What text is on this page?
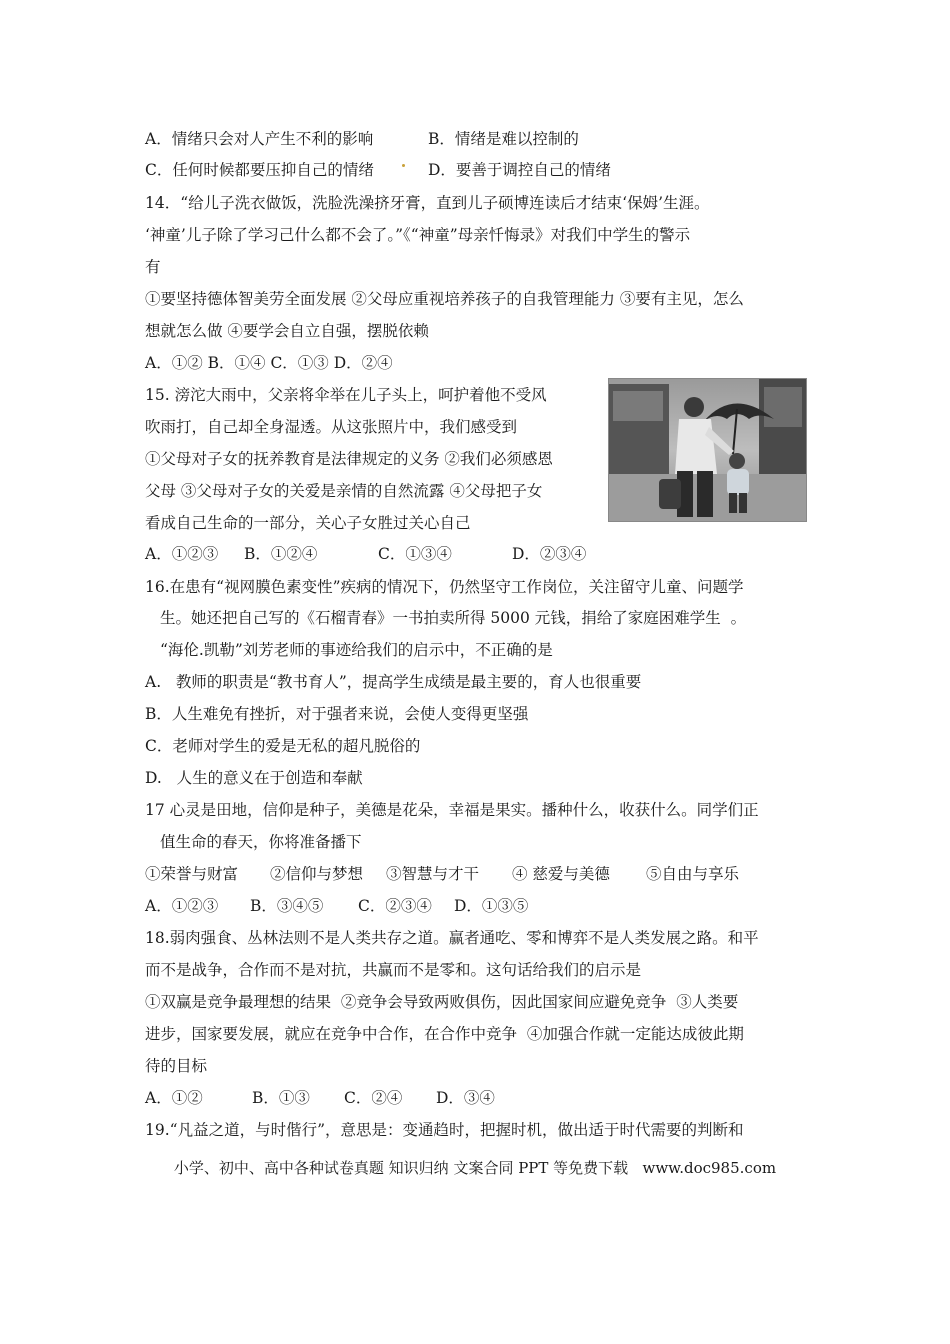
A．情绪只会对人产生不利的影响	B．情绪是难以控制的
C．任何时候都要压抑自己的情绪	D．要善于调控自己的情绪
14．“给儿子洗衣做饭，洗脸洗澡挤牙膏，直到儿子硕博连读后才结束‘保姆’生涯。
‘神童’儿子除了学习己什么都不会了。”《“神童”母亲忏悔录》对我们中学生的警示
有
①要坚持德体智美劳全面发展 ②父母应重视培养孩子的自我管理能力 ③要有主见，怎么
想就怎么做 ④要学会自立自强，摆脱依赖
A．①② B．①④ C．①③ D．②④
15. 滂沱大雨中，父亲将伞举在儿子头上，呵护着他不受风
吹雨打，自己却全身湿透。从这张照片中，我们感受到
①父母对子女的抚养教育是法律规定的义务 ②我们必须感恩
父母 ③父母对子女的关爱是亲情的自然流露 ④父母把子女
看成自己生命的一部分，关心子女胜过关心自己
A．①②③ B．①②④	C．①③④	D．②③④
16.在患有“视网膜色素变性”疾病的情况下，仍然坚守工作岗位，关注留守儿童、问题学
生。她还把自己写的《石榴青春》一书拍卖所得 5000 元钱，捐给了家庭困难学生  。
“海伦.凯勒”刘芳老师的事迹给我们的启示中，不正确的是
A.   教师的职责是“教书育人”，提高学生成绩是最主要的，育人也很重要
B．人生难免有挫折，对于强者来说，会使人变得更坚强
C．老师对学生的爱是无私的超凡脱俗的
D.   人生的意义在于创造和奉献
17 心灵是田地，信仰是种子，美德是花朵，幸福是果实。播种什么，收获什么。同学们正
值生命的春天，你将准备播下
①荣誉与财富 ②信仰与梦想 ③智慧与才干 ④ 慈爱与美德 ⑤自由与享乐
A．①②③ B．③④⑤ C．②③④ D．①③⑤
18.弱肉强食、丛林法则不是人类共存之道。赢者通吃、零和博弈不是人类发展之路。和平
而不是战争，合作而不是对抗，共赢而不是零和。这句话给我们的启示是
①双赢是竞争最理想的结果  ②竞争会导致两败俱伤，因此国家间应避免竞争  ③人类要
进步，国家要发展，就应在竞争中合作，在合作中竞争  ④加强合作就一定能达成彼此期
待的目标
A．①②	B．①③ C．②④ D．③④
19.“凡益之道，与时偕行”，意思是：变通趋时，把握时机，做出适于时代需要的判断和
小学、初中、高中各种试卷真题 知识归纳 文案合同 PPT 等免费下载   www.doc985.com
